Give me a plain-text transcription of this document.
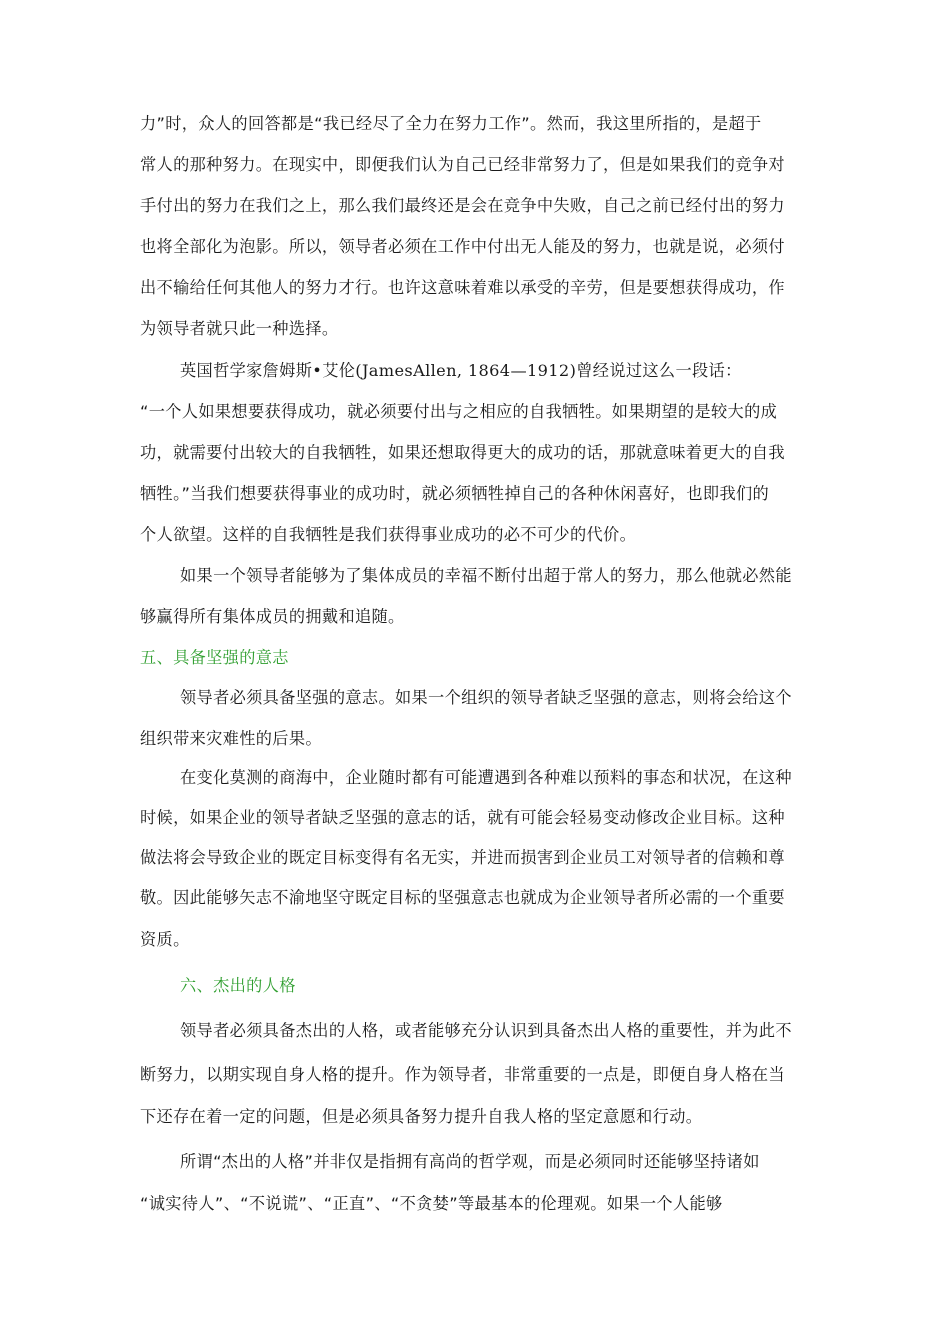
力”时，众人的回答都是“我已经尽了全力在努力工作”。然而，我这里所指的，是超于
常人的那种努力。在现实中，即便我们认为自己已经非常努力了，但是如果我们的竞争对
手付出的努力在我们之上，那么我们最终还是会在竞争中失败，自己之前已经付出的努力
也将全部化为泡影。所以，领导者必须在工作中付出无人能及的努力，也就是说，必须付
出不输给任何其他人的努力才行。也许这意味着难以承受的辛劳，但是要想获得成功，作
为领导者就只此一种选择。
英国哲学家詹姆斯•艾伦(JamesAllen, 1864—1912)曾经说过这么一段话：
“一个人如果想要获得成功，就必须要付出与之相应的自我牺牲。如果期望的是较大的成
功，就需要付出较大的自我牺牲，如果还想取得更大的成功的话，那就意味着更大的自我
牺牲。”当我们想要获得事业的成功时，就必须牺牲掉自己的各种休闲喜好，也即我们的
个人欲望。这样的自我牺牲是我们获得事业成功的必不可少的代价。
如果一个领导者能够为了集体成员的幸福不断付出超于常人的努力，那么他就必然能
够赢得所有集体成员的拥戴和追随。
五、具备坚强的意志
领导者必须具备坚强的意志。如果一个组织的领导者缺乏坚强的意志，则将会给这个
组织带来灾难性的后果。
在变化莫测的商海中，企业随时都有可能遭遇到各种难以预料的事态和状况，在这种
时候，如果企业的领导者缺乏坚强的意志的话，就有可能会轻易变动修改企业目标。这种
做法将会导致企业的既定目标变得有名无实，并进而损害到企业员工对领导者的信赖和尊
敬。因此能够矢志不渝地坚守既定目标的坚强意志也就成为企业领导者所必需的一个重要
资质。
六、杰出的人格
领导者必须具备杰出的人格，或者能够充分认识到具备杰出人格的重要性，并为此不
断努力，以期实现自身人格的提升。作为领导者，非常重要的一点是，即便自身人格在当
下还存在着一定的问题，但是必须具备努力提升自我人格的坚定意愿和行动。
所谓“杰出的人格”并非仅是指拥有高尚的哲学观，而是必须同时还能够坚持诸如
“诚实待人”、“不说谎”、“正直”、“不贪婪”等最基本的伦理观。如果一个人能够
